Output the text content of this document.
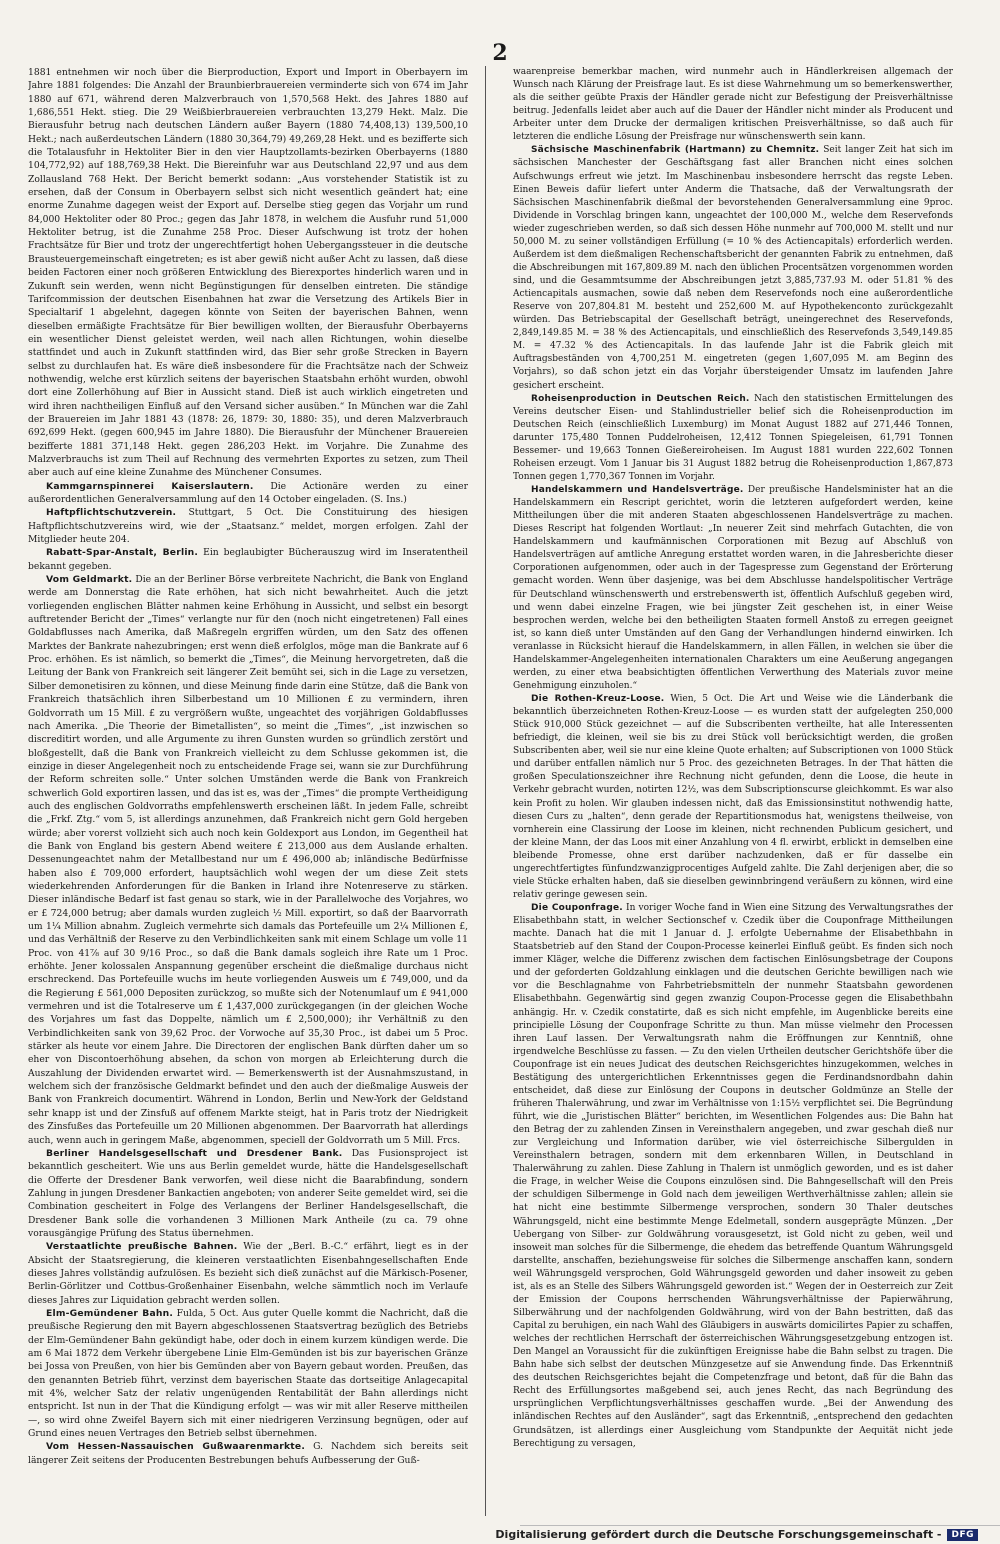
2

1881 entnehmen wir noch über die Bierproduction, Export und Import in Oberbayern im Jahre 1881 folgendes: Die Anzahl der Braunbierbrauereien verminderte sich von 674 im Jahr 1880 auf 671, während deren Malzverbrauch von 1,570,568 Hekt. des Jahres 1880 auf 1,686,551 Hekt. stieg. Die 29 Weißbierbrauereien verbrauchten 13,279 Hekt. Malz. Die Bierausfuhr betrug nach deutschen Ländern außer Bayern (1880 74,408,13) 139,500,10 Hekt.; nach außerdeutschen Ländern (1880 30,364,79) 49,269,28 Hekt. und es bezifferte sich die Totalausfuhr in Hektoliter Bier in den vier Hauptzollamts-bezirken Oberbayerns (1880 104,772,92) auf 188,769,38 Hekt. Die Biereinfuhr war aus Deutschland 22,97 und aus dem Zollausland 768 Hekt. Der Bericht bemerkt sodann: „Aus vorstehender Statistik ist zu ersehen, daß der Consum in Oberbayern selbst sich nicht wesentlich geändert hat; eine enorme Zunahme dagegen weist der Export auf. Derselbe stieg gegen das Vorjahr um rund 84,000 Hektoliter oder 80 Proc.; gegen das Jahr 1878, in welchem die Ausfuhr rund 51,000 Hektoliter betrug, ist die Zunahme 258 Proc. Dieser Aufschwung ist trotz der hohen Frachtsätze für Bier und trotz der ungerechtfertigt hohen Uebergangssteuer in die deutsche Brausteuergemeinschaft eingetreten; es ist aber gewiß nicht außer Acht zu lassen, daß diese beiden Factoren einer noch größeren Entwicklung des Bierexportes hinderlich waren und in Zukunft sein werden, wenn nicht Begünstigungen für denselben eintreten. Die ständige Tarifcommission der deutschen Eisenbahnen hat zwar die Versetzung des Artikels Bier in Specialtarif 1 abgelehnt, dagegen könnte von Seiten der bayerischen Bahnen, wenn dieselben ermäßigte Frachtsätze für Bier bewilligen wollten, der Bierausfuhr Oberbayerns ein wesentlicher Dienst geleistet werden, weil nach allen Richtungen, wohin dieselbe stattfindet und auch in Zukunft stattfinden wird, das Bier sehr große Strecken in Bayern selbst zu durchlaufen hat. Es wäre dieß insbesondere für die Frachtsätze nach der Schweiz nothwendig, welche erst kürzlich seitens der bayerischen Staatsbahn erhöht wurden, obwohl dort eine Zollerhöhung auf Bier in Aussicht stand. Dieß ist auch wirklich eingetreten und wird ihren nachtheiligen Einfluß auf den Versand sicher ausüben.“ In München war die Zahl der Brauereien im Jahr 1881 43 (1878: 26, 1879: 30, 1880: 35), und deren Malzverbrauch 692,699 Hekt. (gegen 600,945 im Jahre 1880). Die Bierausfuhr der Münchener Brauereien bezifferte 1881 371,148 Hekt. gegen 286,203 Hekt. im Vorjahre. Die Zunahme des Malzverbrauchs ist zum Theil auf Rechnung des vermehrten Exportes zu setzen, zum Theil aber auch auf eine kleine Zunahme des Münchener Consumes.

Kammgarnspinnerei Kaiserslautern. Die Actionäre werden zu einer außerordentlichen Generalversammlung auf den 14 October eingeladen. (S. Ins.)

Haftpflichtschutzverein. Stuttgart, 5 Oct. Die Constituirung des hiesigen Haftpflichtschutzvereins wird, wie der „Staatsanz.“ meldet, morgen erfolgen. Zahl der Mitglieder heute 204.

Rabatt-Spar-Anstalt, Berlin. Ein beglaubigter Bücherauszug wird im Inseratentheil bekannt gegeben.

Vom Geldmarkt. Die an der Berliner Börse verbreitete Nachricht, die Bank von England werde am Donnerstag die Rate erhöhen, hat sich nicht bewahrheitet. Auch die jetzt vorliegenden englischen Blätter nahmen keine Erhöhung in Aussicht, und selbst ein besorgt auftretender Bericht der „Times“ verlangte nur für den (noch nicht eingetretenen) Fall eines Goldabflusses nach Amerika, daß Maßregeln ergriffen würden, um den Satz des offenen Marktes der Bankrate nahezubringen; erst wenn dieß erfolglos, möge man die Bankrate auf 6 Proc. erhöhen. Es ist nämlich, so bemerkt die „Times“, die Meinung hervorgetreten, daß die Leitung der Bank von Frankreich seit längerer Zeit bemüht sei, sich in die Lage zu versetzen, Silber demonetisiren zu können, und diese Meinung finde darin eine Stütze, daß die Bank von Frankreich thatsächlich ihren Silberbestand um 10 Millionen £ zu vermindern, ihren Goldvorrath um 15 Mill. £ zu vergrößern wußte, ungeachtet des vorjährigen Goldabflusses nach Amerika. „Die Theorie der Bimetallisten“, so meint die „Times“, „ist inzwischen so discreditirt worden, und alle Argumente zu ihren Gunsten wurden so gründlich zerstört und bloßgestellt, daß die Bank von Frankreich vielleicht zu dem Schlusse gekommen ist, die einzige in dieser Angelegenheit noch zu entscheidende Frage sei, wann sie zur Durchführung der Reform schreiten solle.“ Unter solchen Umständen werde die Bank von Frankreich schwerlich Gold exportiren lassen, und das ist es, was der „Times“ die prompte Vertheidigung auch des englischen Goldvorraths empfehlenswerth erscheinen läßt. In jedem Falle, schreibt die „Frkf. Ztg.“ vom 5, ist allerdings anzunehmen, daß Frankreich nicht gern Gold hergeben würde; aber vorerst vollzieht sich auch noch kein Goldexport aus London, im Gegentheil hat die Bank von England bis gestern Abend weitere £ 213,000 aus dem Auslande erhalten. Dessenungeachtet nahm der Metallbestand nur um £ 496,000 ab; inländische Bedürfnisse haben also £ 709,000 erfordert, hauptsächlich wohl wegen der um diese Zeit stets wiederkehrenden Anforderungen für die Banken in Irland ihre Notenreserve zu stärken. Dieser inländische Bedarf ist fast genau so stark, wie in der Parallelwoche des Vorjahres, wo er £ 724,000 betrug; aber damals wurden zugleich ½ Mill. exportirt, so daß der Baarvorrath um 1¼ Million abnahm. Zugleich vermehrte sich damals das Portefeuille um 2¼ Millionen £, und das Verhältniß der Reserve zu den Verbindlichkeiten sank mit einem Schlage um volle 11 Proc. von 41⅞ auf 30 9/16 Proc., so daß die Bank damals sogleich ihre Rate um 1 Proc. erhöhte. Jener kolossalen Anspannung gegenüber erscheint die dießmalige durchaus nicht erschreckend. Das Portefeuille wuchs im heute vorliegenden Ausweis um £ 749,000, und da die Regierung £ 561,000 Depositen zurückzog, so mußte sich der Notenumlauf um £ 941,000 vermehren und ist die Totalreserve um £ 1,437,000 zurückgegangen (in der gleichen Woche des Vorjahres um fast das Doppelte, nämlich um £ 2,500,000); ihr Verhältniß zu den Verbindlichkeiten sank von 39,62 Proc. der Vorwoche auf 35,30 Proc., ist dabei um 5 Proc. stärker als heute vor einem Jahre. Die Directoren der englischen Bank dürften daher um so eher von Discontoerhöhung absehen, da schon von morgen ab Erleichterung durch die Auszahlung der Dividenden erwartet wird. — Bemerkenswerth ist der Ausnahmszustand, in welchem sich der französische Geldmarkt befindet und den auch der dießmalige Ausweis der Bank von Frankreich documentirt. Während in London, Berlin und New-York der Geldstand sehr knapp ist und der Zinsfuß auf offenem Markte steigt, hat in Paris trotz der Niedrigkeit des Zinsfußes das Portefeuille um 20 Millionen abgenommen. Der Baarvorrath hat allerdings auch, wenn auch in geringem Maße, abgenommen, speciell der Goldvorrath um 5 Mill. Frcs.

Berliner Handelsgesellschaft und Dresdener Bank. Das Fusionsproject ist bekanntlich gescheitert. Wie uns aus Berlin gemeldet wurde, hätte die Handelsgesellschaft die Offerte der Dresdener Bank verworfen, weil diese nicht die Baarabfindung, sondern Zahlung in jungen Dresdener Bankactien angeboten; von anderer Seite gemeldet wird, sei die Combination gescheitert in Folge des Verlangens der Berliner Handelsgesellschaft, die Dresdener Bank solle die vorhandenen 3 Millionen Mark Antheile (zu ca. 79 ohne vorausgängige Prüfung des Status übernehmen.

Verstaatlichte preußische Bahnen. Wie der „Berl. B.-C.“ erfährt, liegt es in der Absicht der Staatsregierung, die kleineren verstaatlichten Eisenbahngesellschaften Ende dieses Jahres vollständig aufzulösen. Es bezieht sich dieß zunächst auf die Märkisch-Posener, Berlin-Görlitzer und Cottbus-Großenhainer Eisenbahn, welche sämmtlich noch im Verlaufe dieses Jahres zur Liquidation gebracht werden sollen.

Elm-Gemündener Bahn. Fulda, 5 Oct. Aus guter Quelle kommt die Nachricht, daß die preußische Regierung den mit Bayern abgeschlossenen Staatsvertrag bezüglich des Betriebs der Elm-Gemündener Bahn gekündigt habe, oder doch in einem kurzem kündigen werde. Die am 6 Mai 1872 dem Verkehr übergebene Linie Elm-Gemünden ist bis zur bayerischen Gränze bei Jossa von Preußen, von hier bis Gemünden aber von Bayern gebaut worden. Preußen, das den genannten Betrieb führt, verzinst dem bayerischen Staate das dortseitige Anlagecapital mit 4%, welcher Satz der relativ ungenügenden Rentabilität der Bahn allerdings nicht entspricht. Ist nun in der That die Kündigung erfolgt — was wir mit aller Reserve mittheilen —, so wird ohne Zweifel Bayern sich mit einer niedrigeren Verzinsung begnügen, oder auf Grund eines neuen Vertrages den Betrieb selbst übernehmen.

Vom Hessen-Nassauischen Gußwaarenmarkte. G. Nachdem sich bereits seit längerer Zeit seitens der Producenten Bestrebungen behufs Aufbesserung der Guß-

waarenpreise bemerkbar machen, wird nunmehr auch in Händlerkreisen allgemach der Wunsch nach Klärung der Preisfrage laut. Es ist diese Wahrnehmung um so bemerkenswerther, als die seither geübte Praxis der Händler gerade nicht zur Befestigung der Preisverhältnisse beitrug. Jedenfalls leidet aber auch auf die Dauer der Händler nicht minder als Producent und Arbeiter unter dem Drucke der dermaligen kritischen Preisverhältnisse, so daß auch für letzteren die endliche Lösung der Preisfrage nur wünschenswerth sein kann.

Sächsische Maschinenfabrik (Hartmann) zu Chemnitz. Seit langer Zeit hat sich im sächsischen Manchester der Geschäftsgang fast aller Branchen nicht eines solchen Aufschwungs erfreut wie jetzt. Im Maschinenbau insbesondere herrscht das regste Leben. Einen Beweis dafür liefert unter Anderm die Thatsache, daß der Verwaltungsrath der Sächsischen Maschinenfabrik dießmal der bevorstehenden Generalversammlung eine 9proc. Dividende in Vorschlag bringen kann, ungeachtet der 100,000 M., welche dem Reservefonds wieder zugeschrieben werden, so daß sich dessen Höhe nunmehr auf 700,000 M. stellt und nur 50,000 M. zu seiner vollständigen Erfüllung (= 10 % des Actiencapitals) erforderlich werden. Außerdem ist dem dießmaligen Rechenschaftsbericht der genannten Fabrik zu entnehmen, daß die Abschreibungen mit 167,809.89 M. nach den üblichen Procentsätzen vorgenommen worden sind, und die Gesammtsumme der Abschreibungen jetzt 3,885,737.93 M. oder 51.81 % des Actiencapitals ausmachen, sowie daß neben dem Reservefonds noch eine außerordentliche Reserve von 207,804.81 M. besteht und 252,600 M. auf Hypothekenconto zurückgezahlt würden. Das Betriebscapital der Gesellschaft beträgt, uneingerechnet des Reservefonds, 2,849,149.85 M. = 38 % des Actiencapitals, und einschließlich des Reservefonds 3,549,149.85 M. = 47.32 % des Actiencapitals. In das laufende Jahr ist die Fabrik gleich mit Auftragsbeständen von 4,700,251 M. eingetreten (gegen 1,607,095 M. am Beginn des Vorjahrs), so daß schon jetzt ein das Vorjahr übersteigender Umsatz im laufenden Jahre gesichert erscheint.

Roheisenproduction in Deutschen Reich. Nach den statistischen Ermittelungen des Vereins deutscher Eisen- und Stahlindustrieller belief sich die Roheisenproduction im Deutschen Reich (einschließlich Luxemburg) im Monat August 1882 auf 271,446 Tonnen, darunter 175,480 Tonnen Puddelroheisen, 12,412 Tonnen Spiegeleisen, 61,791 Tonnen Bessemer- und 19,663 Tonnen Gießereiroheisen. Im August 1881 wurden 222,602 Tonnen Roheisen erzeugt. Vom 1 Januar bis 31 August 1882 betrug die Roheisenproduction 1,867,873 Tonnen gegen 1,770,367 Tonnen im Vorjahr.

Handelskammern und Handelsverträge. Der preußische Handelsminister hat an die Handelskammern ein Rescript gerichtet, worin die letzteren aufgefordert werden, keine Mittheilungen über die mit anderen Staaten abgeschlossenen Handelsverträge zu machen. Dieses Rescript hat folgenden Wortlaut: „In neuerer Zeit sind mehrfach Gutachten, die von Handelskammern und kaufmännischen Corporationen mit Bezug auf Abschluß von Handelsverträgen auf amtliche Anregung erstattet worden waren, in die Jahresberichte dieser Corporationen aufgenommen, oder auch in der Tagespresse zum Gegenstand der Erörterung gemacht worden. Wenn über dasjenige, was bei dem Abschlusse handelspolitischer Verträge für Deutschland wünschenswerth und erstrebenswerth ist, öffentlich Aufschluß gegeben wird, und wenn dabei einzelne Fragen, wie bei jüngster Zeit geschehen ist, in einer Weise besprochen werden, welche bei den betheiligten Staaten formell Anstoß zu erregen geeignet ist, so kann dieß unter Umständen auf den Gang der Verhandlungen hindernd einwirken. Ich veranlasse in Rücksicht hierauf die Handelskammern, in allen Fällen, in welchen sie über die Handelskammer-Angelegenheiten internationalen Charakters um eine Aeußerung angegangen werden, zu einer etwa beabsichtigten öffentlichen Verwerthung des Materials zuvor meine Genehmigung einzuholen.“

Die Rothen-Kreuz-Loose. Wien, 5 Oct. Die Art und Weise wie die Länderbank die bekanntlich überzeichneten Rothen-Kreuz-Loose — es wurden statt der aufgelegten 250,000 Stück 910,000 Stück gezeichnet — auf die Subscribenten vertheilte, hat alle Interessenten befriedigt, die kleinen, weil sie bis zu drei Stück voll berücksichtigt werden, die großen Subscribenten aber, weil sie nur eine kleine Quote erhalten; auf Subscriptionen von 1000 Stück und darüber entfallen nämlich nur 5 Proc. des gezeichneten Betrages. In der That hätten die großen Speculationszeichner ihre Rechnung nicht gefunden, denn die Loose, die heute in Verkehr gebracht wurden, notirten 12½, was dem Subscriptionscurse gleichkommt. Es war also kein Profit zu holen. Wir glauben indessen nicht, daß das Emissionsinstitut nothwendig hatte, diesen Curs zu „halten“, denn gerade der Repartitionsmodus hat, wenigstens theilweise, von vornherein eine Classirung der Loose im kleinen, nicht rechnenden Publicum gesichert, und der kleine Mann, der das Loos mit einer Anzahlung von 4 fl. erwirbt, erblickt in demselben eine bleibende Promesse, ohne erst darüber nachzudenken, daß er für dasselbe ein ungerechtfertigtes fünfundzwanzigprocentiges Aufgeld zahlte. Die Zahl derjenigen aber, die so viele Stücke erhalten haben, daß sie dieselben gewinnbringend veräußern zu können, wird eine relativ geringe gewesen sein.

Die Couponfrage. In voriger Woche fand in Wien eine Sitzung des Verwaltungsrathes der Elisabethbahn statt, in welcher Sectionschef v. Czedik über die Couponfrage Mittheilungen machte. Danach hat die mit 1 Januar d. J. erfolgte Uebernahme der Elisabethbahn in Staatsbetrieb auf den Stand der Coupon-Processe keinerlei Einfluß geübt. Es finden sich noch immer Kläger, welche die Differenz zwischen dem factischen Einlösungsbetrage der Coupons und der geforderten Goldzahlung einklagen und die deutschen Gerichte bewilligen nach wie vor die Beschlagnahme von Fahrbetriebsmitteln der nunmehr Staatsbahn gewordenen Elisabethbahn. Gegenwärtig sind gegen zwanzig Coupon-Processe gegen die Elisabethbahn anhängig. Hr. v. Czedik constatirte, daß es sich nicht empfehle, im Augenblicke bereits eine principielle Lösung der Couponfrage Schritte zu thun. Man müsse vielmehr den Processen ihren Lauf lassen. Der Verwaltungsrath nahm die Eröffnungen zur Kenntniß, ohne irgendwelche Beschlüsse zu fassen. — Zu den vielen Urtheilen deutscher Gerichtshöfe über die Couponfrage ist ein neues Judicat des deutschen Reichsgerichtes hinzugekommen, welches in Bestätigung des untergerichtlichen Erkenntnisses gegen die Ferdinandsnordbahn dahin entscheidet, daß diese zur Einlösung der Coupons in deutscher Goldmünze an Stelle der früheren Thalerwährung, und zwar im Verhältnisse von 1:15½ verpflichtet sei. Die Begründung führt, wie die „Juristischen Blätter“ berichten, im Wesentlichen Folgendes aus: Die Bahn hat den Betrag der zu zahlenden Zinsen in Vereinsthalern angegeben, und zwar geschah dieß nur zur Vergleichung und Information darüber, wie viel österreichische Silbergulden in Vereinsthalern betragen, sondern mit dem erkennbaren Willen, in Deutschland in Thalerwährung zu zahlen. Diese Zahlung in Thalern ist unmöglich geworden, und es ist daher die Frage, in welcher Weise die Coupons einzulösen sind. Die Bahngesellschaft will den Preis der schuldigen Silbermenge in Gold nach dem jeweiligen Werthverhältnisse zahlen; allein sie hat nicht eine bestimmte Silbermenge versprochen, sondern 30 Thaler deutsches Währungsgeld, nicht eine bestimmte Menge Edelmetall, sondern ausgeprägte Münzen. „Der Uebergang von Silber- zur Goldwährung vorausgesetzt, ist Gold nicht zu geben, weil und insoweit man solches für die Silbermenge, die ehedem das betreffende Quantum Währungsgeld darstellte, anschaffen, beziehungsweise für solches die Silbermenge anschaffen kann, sondern weil Währungsgeld versprochen, Gold Währungsgeld geworden und daher insoweit zu geben ist, als es an Stelle des Silbers Währungsgeld geworden ist.“ Wegen der in Oesterreich zur Zeit der Emission der Coupons herrschenden Währungsverhältnisse der Papierwährung, Silberwährung und der nachfolgenden Goldwährung, wird von der Bahn bestritten, daß das Capital zu beruhigen, ein nach Wahl des Gläubigers in auswärts domicilirtes Papier zu schaffen, welches der rechtlichen Herrschaft der österreichischen Währungsgesetzgebung entzogen ist. Den Mangel an Voraussicht für die zukünftigen Ereignisse habe die Bahn selbst zu tragen. Die Bahn habe sich selbst der deutschen Münzgesetze auf sie Anwendung finde. Das Erkenntniß des deutschen Reichsgerichtes bejaht die Competenzfrage und betont, daß für die Bahn das Recht des Erfüllungsortes maßgebend sei, auch jenes Recht, das nach Begründung des ursprünglichen Verpflichtungsverhältnisses geschaffen wurde. „Bei der Anwendung des inländischen Rechtes auf den Ausländer“, sagt das Erkenntniß, „entsprechend den gedachten Grundsätzen, ist allerdings einer Ausgleichung vom Standpunkte der Aequität nicht jede Berechtigung zu versagen,

Digitalisierung gefördert durch die Deutsche Forschungsgemeinschaft -	DFG
